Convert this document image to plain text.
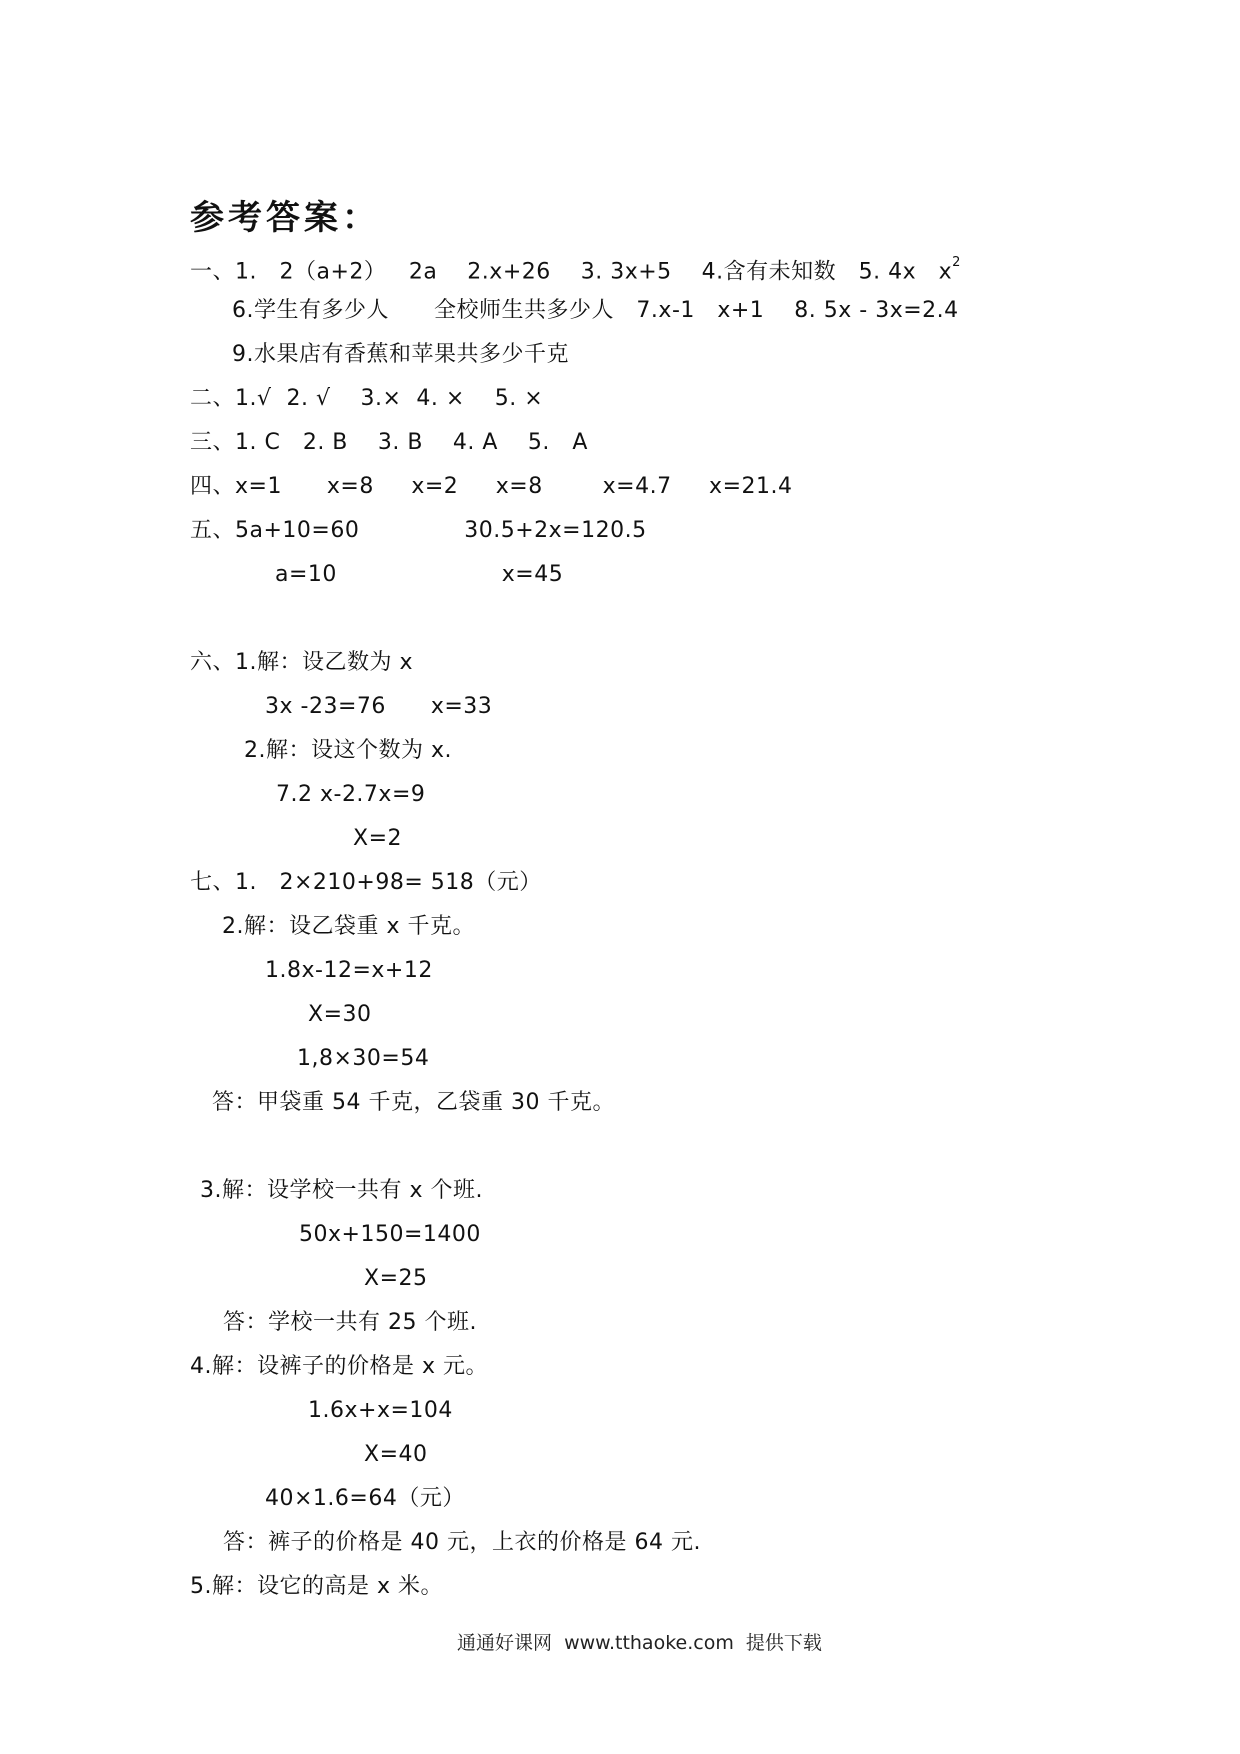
参考答案：
一、1.   2（a+2）   2a    2.x+26    3. 3x+5    4.含有未知数   5. 4x   $x^2$
6.学生有多少人      全校师生共多少人   7.x-1   x+1    8. 5x - 3x=2.4
9.水果店有香蕉和苹果共多少千克
二、1.√  2. √    3.×  4. ×    5. ×
三、1. C   2. B    3. B    4. A    5.   A
四、x=1      x=8     x=2     x=8        x=4.7     x=21.4
五、5a+10=60              30.5+2x=120.5
a=10                      x=45
六、1.解：设乙数为 x
3x -23=76      x=33
2.解：设这个数为 x.
7.2 x-2.7x=9
X=2
七、1.   2×210+98= 518（元）
2.解：设乙袋重 x 千克。
1.8x-12=x+12
X=30
1,8×30=54
答：甲袋重 54 千克，乙袋重 30 千克。
3.解：设学校一共有 x 个班.
50x+150=1400
X=25
答：学校一共有 25 个班.
4.解：设裤子的价格是 x 元。
1.6x+x=104
X=40
40×1.6=64（元）
答：裤子的价格是 40 元，上衣的价格是 64 元.
5.解：设它的高是 x 米。
通通好课网  www.tthaoke.com  提供下载
